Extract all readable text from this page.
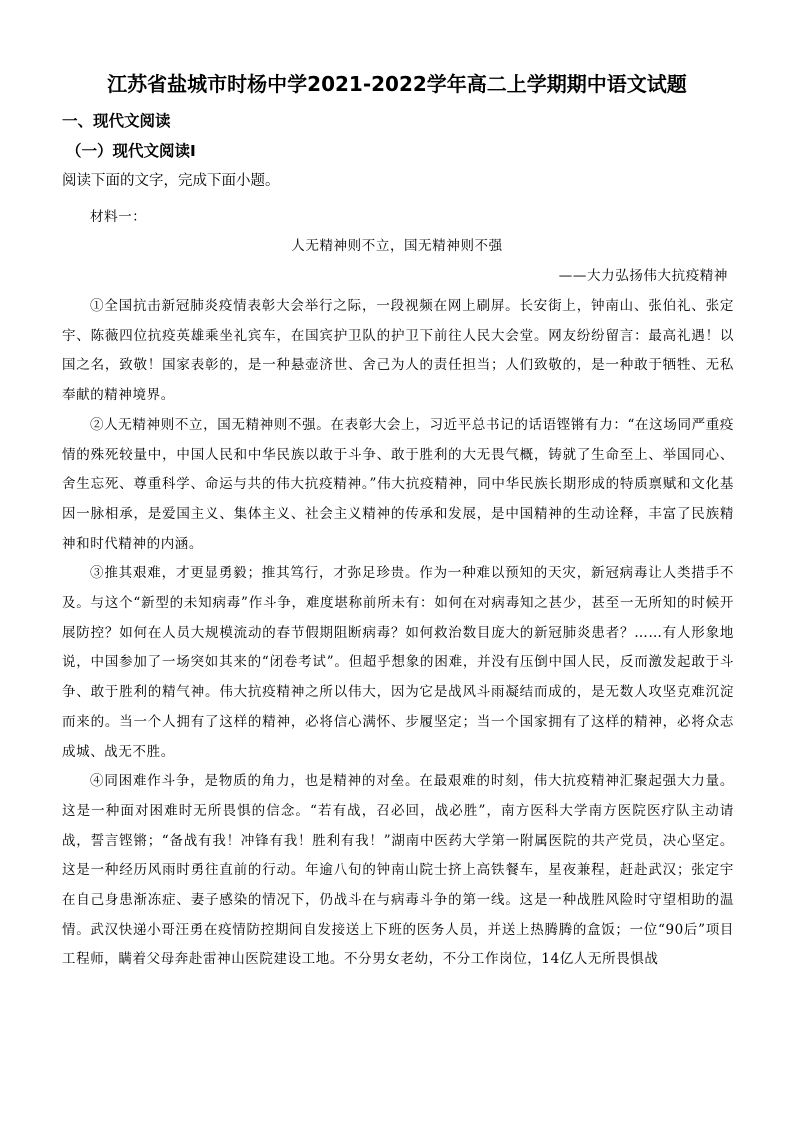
江苏省盐城市时杨中学2021-2022学年高二上学期期中语文试题
一、现代文阅读
（一）现代文阅读Ⅰ
阅读下面的文字，完成下面小题。
材料一：
人无精神则不立，国无精神则不强
——大力弘扬伟大抗疫精神

①全国抗击新冠肺炎疫情表彰大会举行之际，一段视频在网上刷屏。长安街上，钟南山、张伯礼、张定宇、陈薇四位抗疫英雄乘坐礼宾车，在国宾护卫队的护卫下前往人民大会堂。网友纷纷留言：最高礼遇！以国之名，致敬！国家表彰的，是一种悬壶济世、舍己为人的责任担当；人们致敬的，是一种敢于牺牲、无私奉献的精神境界。

②人无精神则不立，国无精神则不强。在表彰大会上，习近平总书记的话语铿锵有力：“在这场同严重疫情的殊死较量中，中国人民和中华民族以敢于斗争、敢于胜利的大无畏气概，铸就了生命至上、举国同心、舍生忘死、尊重科学、命运与共的伟大抗疫精神。”伟大抗疫精神，同中华民族长期形成的特质禀赋和文化基因一脉相承，是爱国主义、集体主义、社会主义精神的传承和发展，是中国精神的生动诠释，丰富了民族精神和时代精神的内涵。

③推其艰难，才更显勇毅；推其笃行，才弥足珍贵。作为一种难以预知的天灾，新冠病毒让人类措手不及。与这个“新型的未知病毒”作斗争，难度堪称前所未有：如何在对病毒知之甚少，甚至一无所知的时候开展防控？如何在人员大规模流动的春节假期阻断病毒？如何救治数目庞大的新冠肺炎患者？……有人形象地说，中国参加了一场突如其来的“闭卷考试”。但超乎想象的困难，并没有压倒中国人民，反而激发起敢于斗争、敢于胜利的精气神。伟大抗疫精神之所以伟大，因为它是战风斗雨凝结而成的，是无数人攻坚克难沉淀而来的。当一个人拥有了这样的精神，必将信心满怀、步履坚定；当一个国家拥有了这样的精神，必将众志成城、战无不胜。

④同困难作斗争，是物质的角力，也是精神的对垒。在最艰难的时刻，伟大抗疫精神汇聚起强大力量。这是一种面对困难时无所畏惧的信念。“若有战，召必回，战必胜”，南方医科大学南方医院医疗队主动请战，誓言铿锵；“备战有我！冲锋有我！胜利有我！”湖南中医药大学第一附属医院的共产党员，决心坚定。这是一种经历风雨时勇往直前的行动。年逾八旬的钟南山院士挤上高铁餐车，星夜兼程，赶赴武汉；张定宇在自己身患渐冻症、妻子感染的情况下，仍战斗在与病毒斗争的第一线。这是一种战胜风险时守望相助的温情。武汉快递小哥汪勇在疫情防控期间自发接送上下班的医务人员，并送上热腾腾的盒饭；一位“90后”项目工程师，瞒着父母奔赴雷神山医院建设工地。不分男女老幼，不分工作岗位，14亿人无所畏惧战
